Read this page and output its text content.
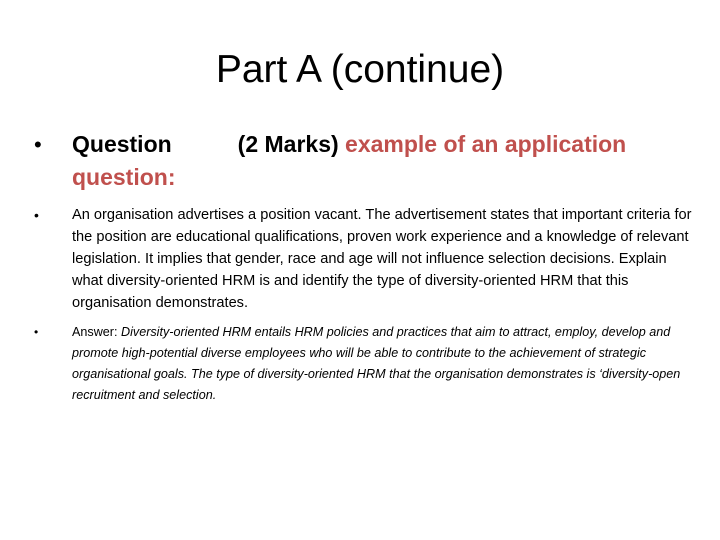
Part A (continue)
• Question	(2 Marks) example of an application question:
• An organisation advertises a position vacant. The advertisement states that important criteria for the position are educational qualifications, proven work experience and a knowledge of relevant legislation. It implies that gender, race and age will not influence selection decisions. Explain what diversity-oriented HRM is and identify the type of diversity-oriented HRM that this organisation demonstrates.
•	Answer: Diversity-oriented HRM entails HRM policies and practices that aim to attract, employ, develop and promote high-potential diverse employees who will be able to contribute to the achievement of strategic organisational goals. The type of diversity-oriented HRM that the organisation demonstrates is ‘diversity-open recruitment and selection.
